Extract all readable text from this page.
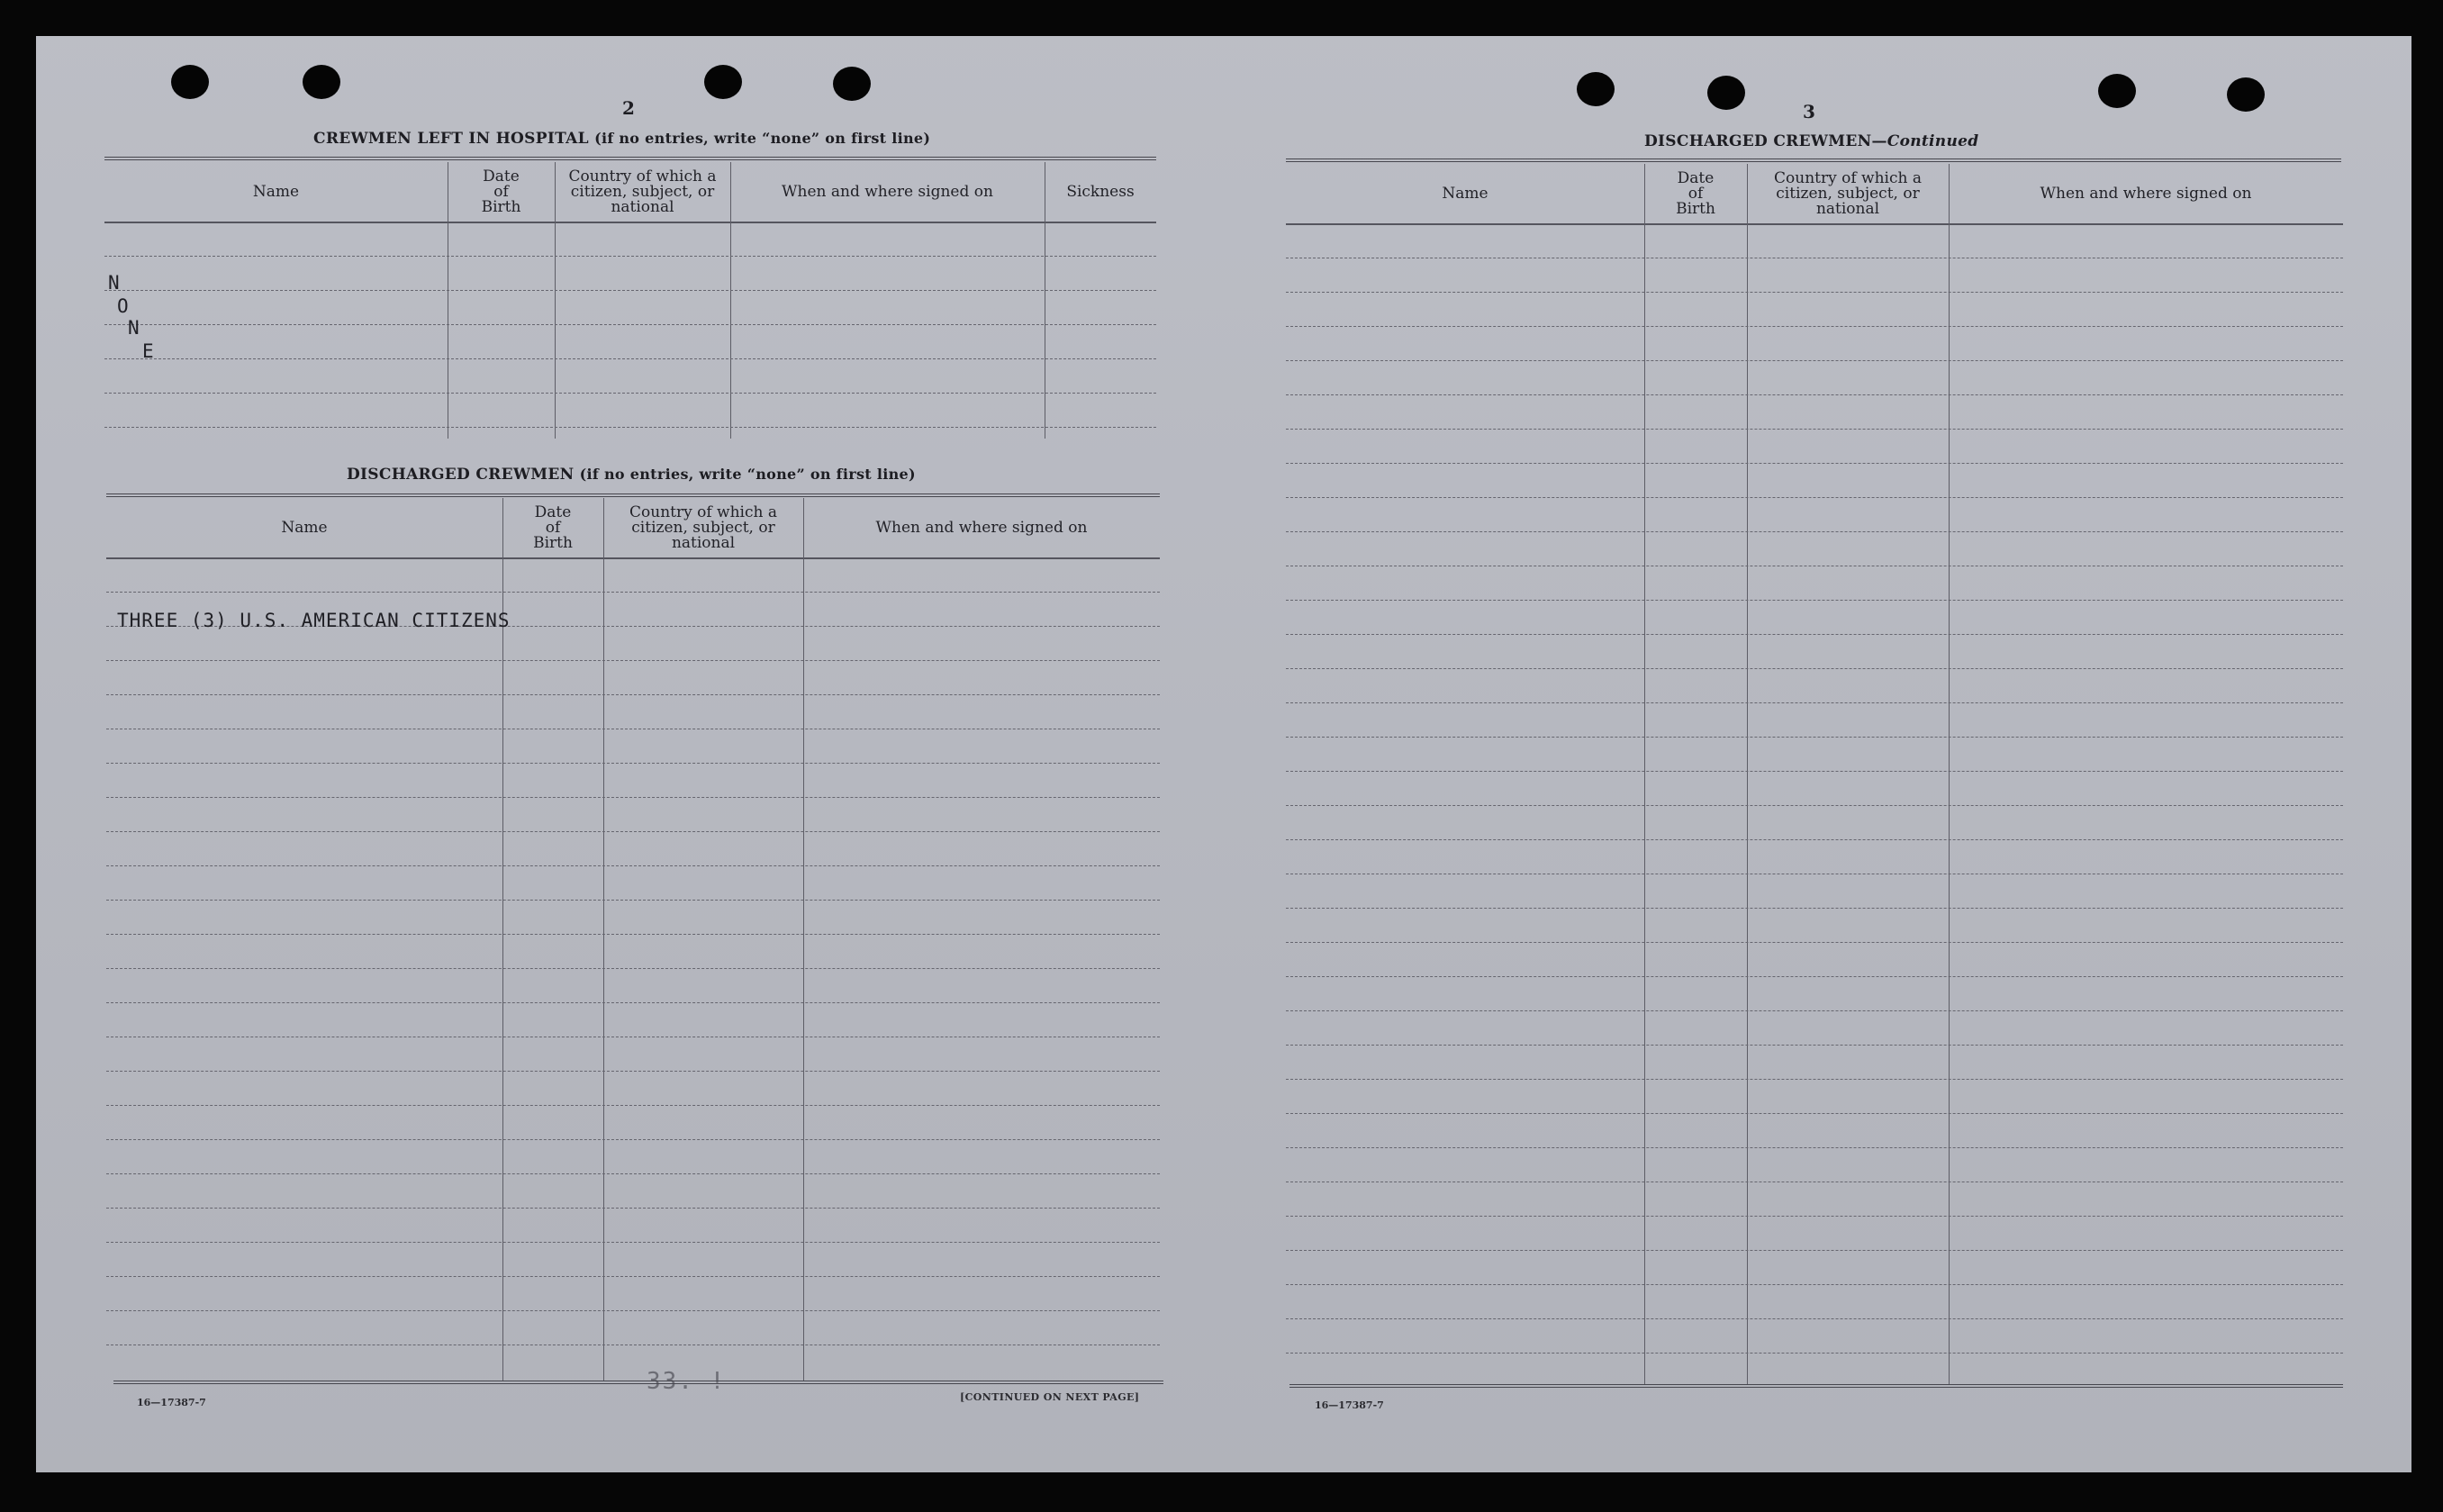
2
CREWMEN LEFT IN HOSPITAL (if no entries, write “none” on first line)
Name
Date
of
Birth
Country of which a
citizen, subject, or
national
When and where signed on	Sickness
N
O
N
E
DISCHARGED CREWMEN (if no entries, write “none” on first line)
Name
Date
of
Birth
Country of which a
citizen, subject, or
national
When and where signed on
THREE (3) U.S. AMERICAN CITIZENS
33. !
16—17387-7	[CONTINUED ON NEXT PAGE]
3
DISCHARGED CREWMEN—Continued
Name
Date
of
Birth
Country of which a
citizen, subject, or
national
When and where signed on
16—17387-7
